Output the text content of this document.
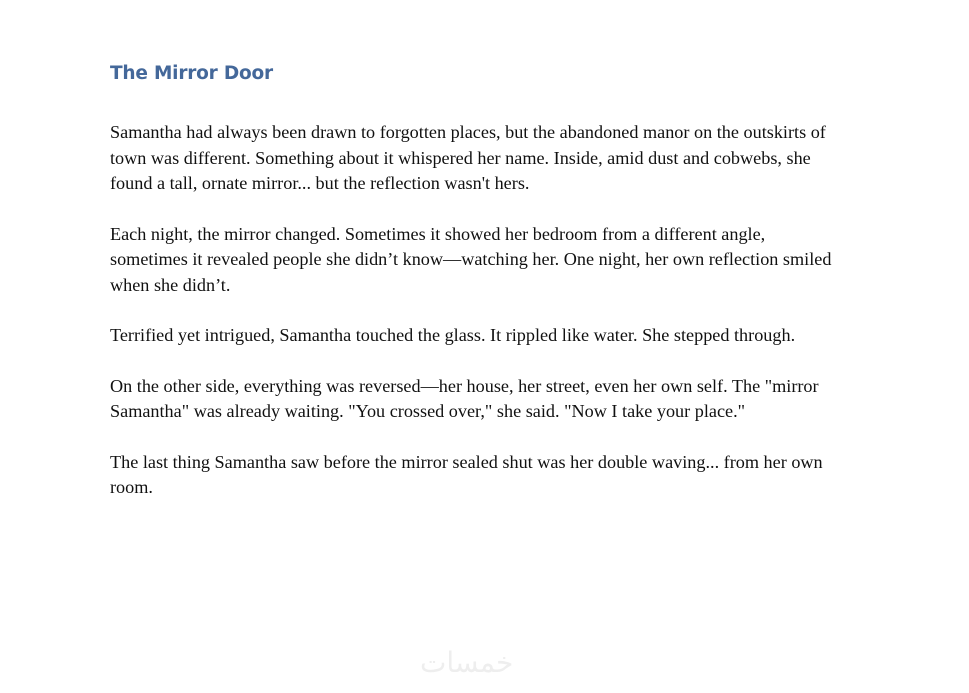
The Mirror Door

Samantha had always been drawn to forgotten places, but the abandoned manor on the outskirts of town was different. Something about it whispered her name. Inside, amid dust and cobwebs, she found a tall, ornate mirror... but the reflection wasn't hers.

Each night, the mirror changed. Sometimes it showed her bedroom from a different angle, sometimes it revealed people she didn’t know—watching her. One night, her own reflection smiled when she didn’t.

Terrified yet intrigued, Samantha touched the glass. It rippled like water. She stepped through.

On the other side, everything was reversed—her house, her street, even her own self. The "mirror Samantha" was already waiting. "You crossed over," she said. "Now I take your place."

The last thing Samantha saw before the mirror sealed shut was her double waving... from her own room.

خمسات
